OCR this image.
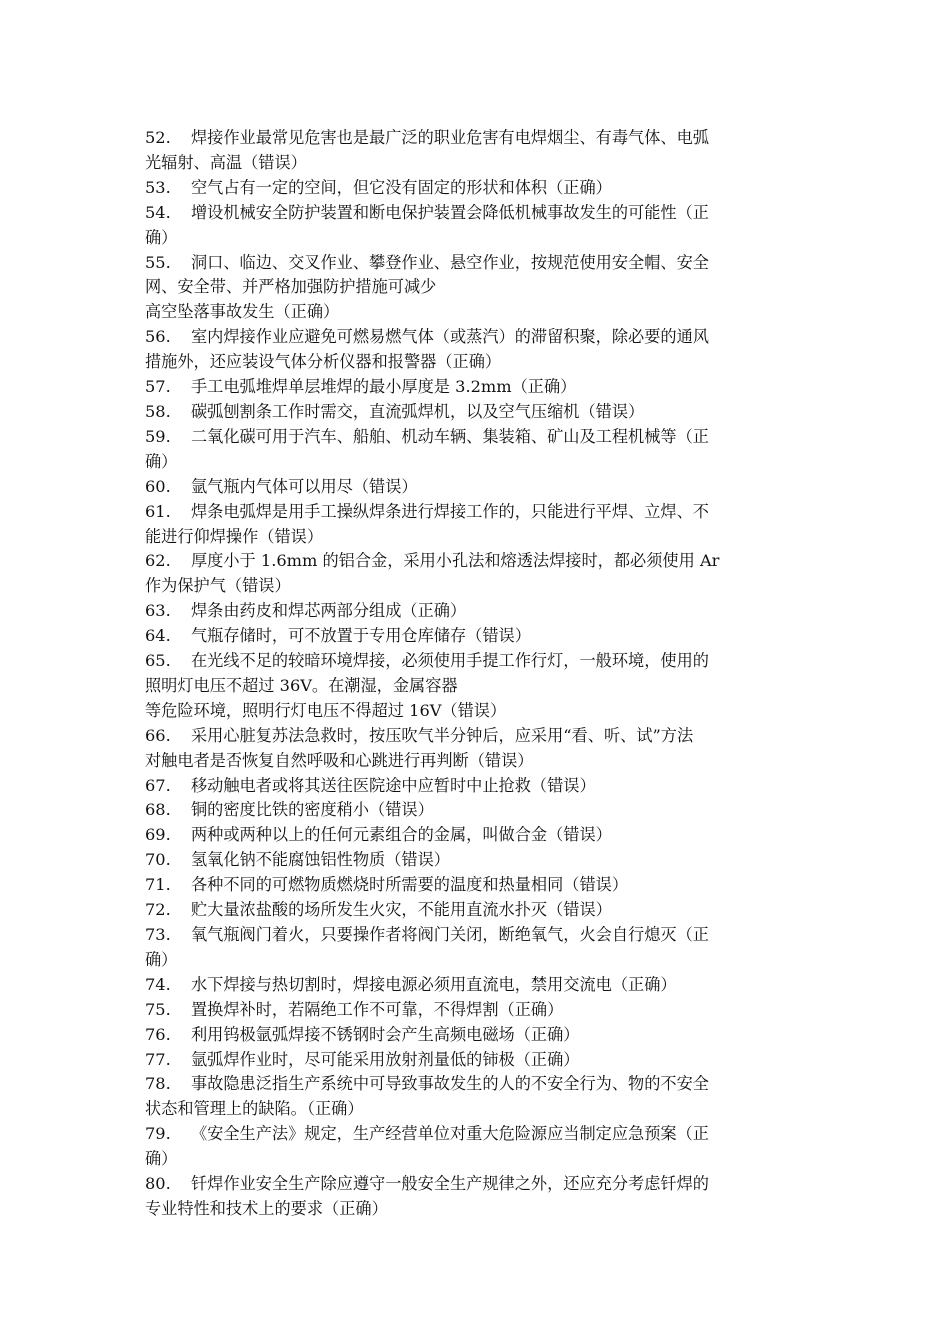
52. 焊接作业最常见危害也是最广泛的职业危害有电焊烟尘、有毒气体、电弧
光辐射、高温（错误）
53. 空气占有一定的空间，但它没有固定的形状和体积（正确）
54. 增设机械安全防护装置和断电保护装置会降低机械事故发生的可能性（正
确）
55. 洞口、临边、交叉作业、攀登作业、悬空作业，按规范使用安全帽、安全
网、安全带、并严格加强防护措施可减少
高空坠落事故发生（正确）
56. 室内焊接作业应避免可燃易燃气体（或蒸汽）的滞留积聚，除必要的通风
措施外，还应装设气体分析仪器和报警器（正确）
57. 手工电弧堆焊单层堆焊的最小厚度是 3.2mm（正确）
58. 碳弧刨割条工作时需交，直流弧焊机，以及空气压缩机（错误）
59. 二氧化碳可用于汽车、船舶、机动车辆、集装箱、矿山及工程机械等（正
确）
60. 氩气瓶内气体可以用尽（错误）
61. 焊条电弧焊是用手工操纵焊条进行焊接工作的，只能进行平焊、立焊、不
能进行仰焊操作（错误）
62. 厚度小于 1.6mm 的铝合金，采用小孔法和熔透法焊接时，都必须使用 Ar
作为保护气（错误）
63. 焊条由药皮和焊芯两部分组成（正确）
64. 气瓶存储时，可不放置于专用仓库储存（错误）
65. 在光线不足的较暗环境焊接，必须使用手提工作行灯，一般环境，使用的
照明灯电压不超过 36V。在潮湿，金属容器
等危险环境，照明行灯电压不得超过 16V（错误）
66. 采用心脏复苏法急救时，按压吹气半分钟后，应采用“看、听、试”方法
对触电者是否恢复自然呼吸和心跳进行再判断（错误）
67. 移动触电者或将其送往医院途中应暂时中止抢救（错误）
68. 铜的密度比铁的密度稍小（错误）
69. 两种或两种以上的任何元素组合的金属，叫做合金（错误）
70. 氢氧化钠不能腐蚀铝性物质（错误）
71. 各种不同的可燃物质燃烧时所需要的温度和热量相同（错误）
72. 贮大量浓盐酸的场所发生火灾，不能用直流水扑灭（错误）
73. 氧气瓶阀门着火，只要操作者将阀门关闭，断绝氧气，火会自行熄灭（正
确）
74. 水下焊接与热切割时，焊接电源必须用直流电，禁用交流电（正确）
75. 置换焊补时，若隔绝工作不可靠，不得焊割（正确）
76. 利用钨极氩弧焊接不锈钢时会产生高频电磁场（正确）
77. 氩弧焊作业时，尽可能采用放射剂量低的铈极（正确）
78. 事故隐患泛指生产系统中可导致事故发生的人的不安全行为、物的不安全
状态和管理上的缺陷。（正确）
79. 《安全生产法》规定，生产经营单位对重大危险源应当制定应急预案（正
确）
80. 钎焊作业安全生产除应遵守一般安全生产规律之外，还应充分考虑钎焊的
专业特性和技术上的要求（正确）
